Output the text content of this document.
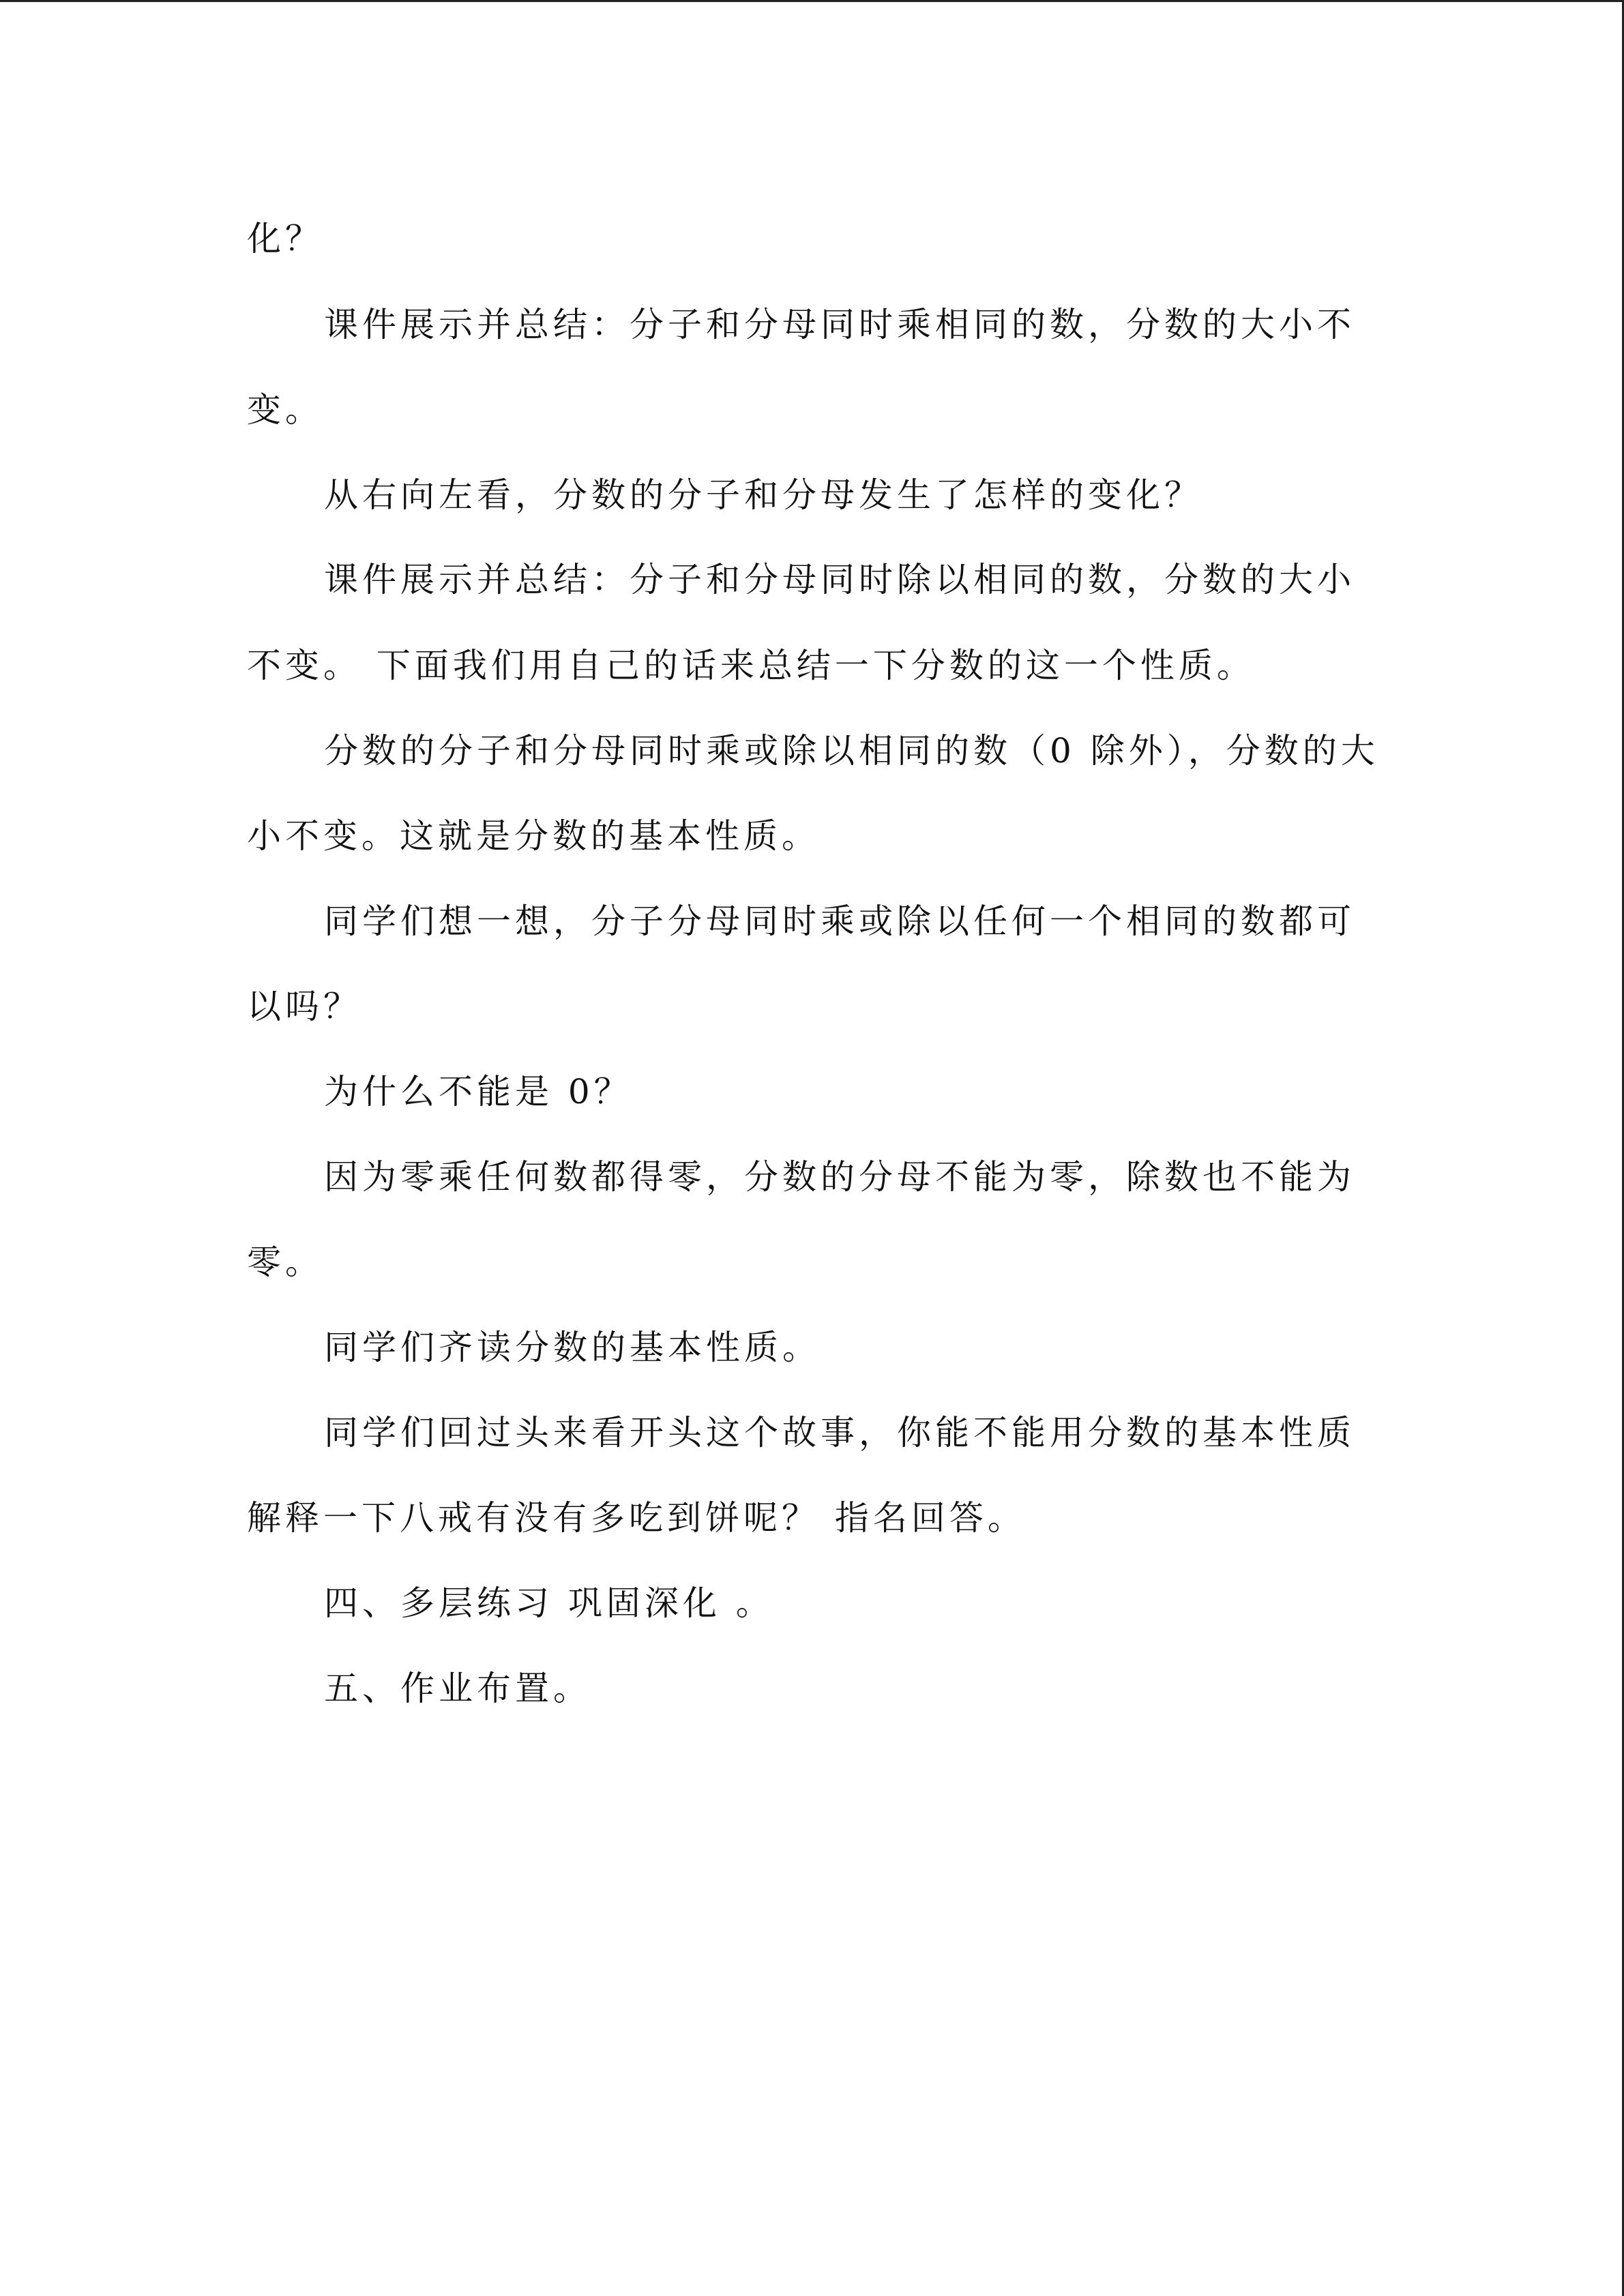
化？
课件展示并总结：分子和分母同时乘相同的数，分数的大小不
变。
从右向左看，分数的分子和分母发生了怎样的变化？
课件展示并总结：分子和分母同时除以相同的数，分数的大小
不变。 下面我们用自己的话来总结一下分数的这一个性质。
分数的分子和分母同时乘或除以相同的数（0 除外），分数的大
小不变。这就是分数的基本性质。
同学们想一想，分子分母同时乘或除以任何一个相同的数都可
以吗？
为什么不能是 0？
因为零乘任何数都得零，分数的分母不能为零，除数也不能为
零。
同学们齐读分数的基本性质。
同学们回过头来看开头这个故事，你能不能用分数的基本性质
解释一下八戒有没有多吃到饼呢？ 指名回答。
四、多层练习 巩固深化 。
五、作业布置。
